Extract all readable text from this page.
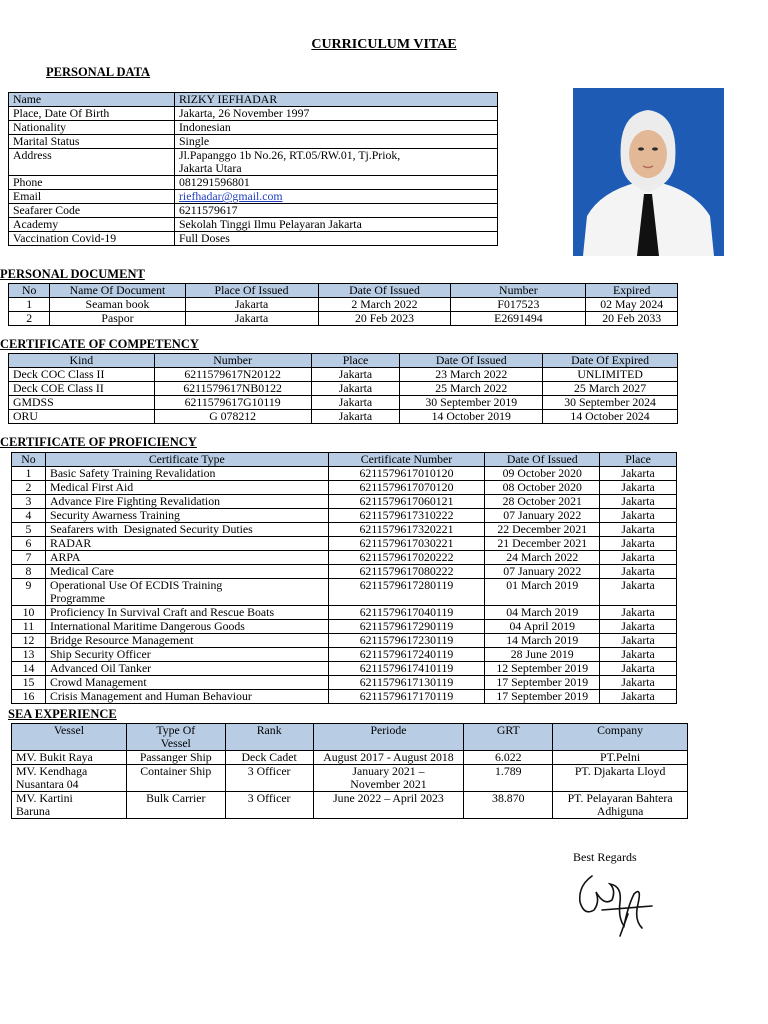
CURRICULUM VITAE
PERSONAL DATA
Name	RIZKY IEFHADAR
Place, Date Of Birth	Jakarta, 26 November 1997
Nationality	Indonesian
Marital Status	Single
Address	Jl.Papanggo 1b No.26, RT.05/RW.01, Tj.Priok,
Jakarta Utara

Phone	081291596801
Email	riefhadar@gmail.com
Seafarer Code	6211579617
Academy	Sekolah Tinggi Ilmu Pelayaran Jakarta
Vaccination Covid-19	Full Doses
PERSONAL DOCUMENT
No	Name Of Document	Place Of Issued	Date Of Issued	Number	Expired
1	Seaman book	Jakarta	2 March 2022	F017523	02 May 2024
2	Paspor	Jakarta	20 Feb 2023	E2691494	20 Feb 2033
CERTIFICATE OF COMPETENCY
Kind	Number	Place	Date Of Issued	Date Of Expired
Deck COC Class II	6211579617N20122	Jakarta	23 March 2022	UNLIMITED
Deck COE Class II	6211579617NB0122	Jakarta	25 March 2022	25 March 2027
GMDSS	6211579617G10119	Jakarta	30 September 2019	30 September 2024
ORU	G 078212	Jakarta	14 October 2019	14 October 2024
CERTIFICATE OF PROFICIENCY
No	Certificate Type	Certificate Number	Date Of Issued	Place
1	Basic Safety Training Revalidation	6211579617010120	09 October 2020	Jakarta
2	Medical First Aid	6211579617070120	08 October 2020	Jakarta
3	Advance Fire Fighting Revalidation	6211579617060121	28 October 2021	Jakarta
4	Security Awarness Training	6211579617310222	07 January 2022	Jakarta
5	Seafarers with  Designated Security Duties	6211579617320221	22 December 2021	Jakarta
6	RADAR	6211579617030221	21 December 2021	Jakarta
7	ARPA	6211579617020222	24 March 2022	Jakarta
8	Medical Care	6211579617080222	07 January 2022	Jakarta
9	Operational Use Of ECDIS Training Programme	6211579617280119	01 March 2019	Jakarta
10	Proficiency In Survival Craft and Rescue Boats	6211579617040119	04 March 2019	Jakarta
11	International Maritime Dangerous Goods	6211579617290119	04 April 2019	Jakarta
12	Bridge Resource Management	6211579617230119	14 March 2019	Jakarta
13	Ship Security Officer	6211579617240119	28 June 2019	Jakarta
14	Advanced Oil Tanker	6211579617410119	12 September 2019	Jakarta
15	Crowd Management	6211579617130119	17 September 2019	Jakarta
16	Crisis Management and Human Behaviour	6211579617170119	17 September 2019	Jakarta
SEA EXPERIENCE
Vessel	Type Of Vessel	Rank	Periode	GRT	Company
MV. Bukit Raya	Passanger Ship	Deck Cadet	August 2017 - August 2018	6.022	PT.Pelni
MV. Kendhaga Nusantara 04	Container Ship	3 Officer	January 2021 – November 2021	1.789	PT. Djakarta Lloyd
MV. Kartini Baruna	Bulk Carrier	3 Officer	June 2022 – April 2023	38.870	PT. Pelayaran Bahtera Adhiguna
Best Regards
